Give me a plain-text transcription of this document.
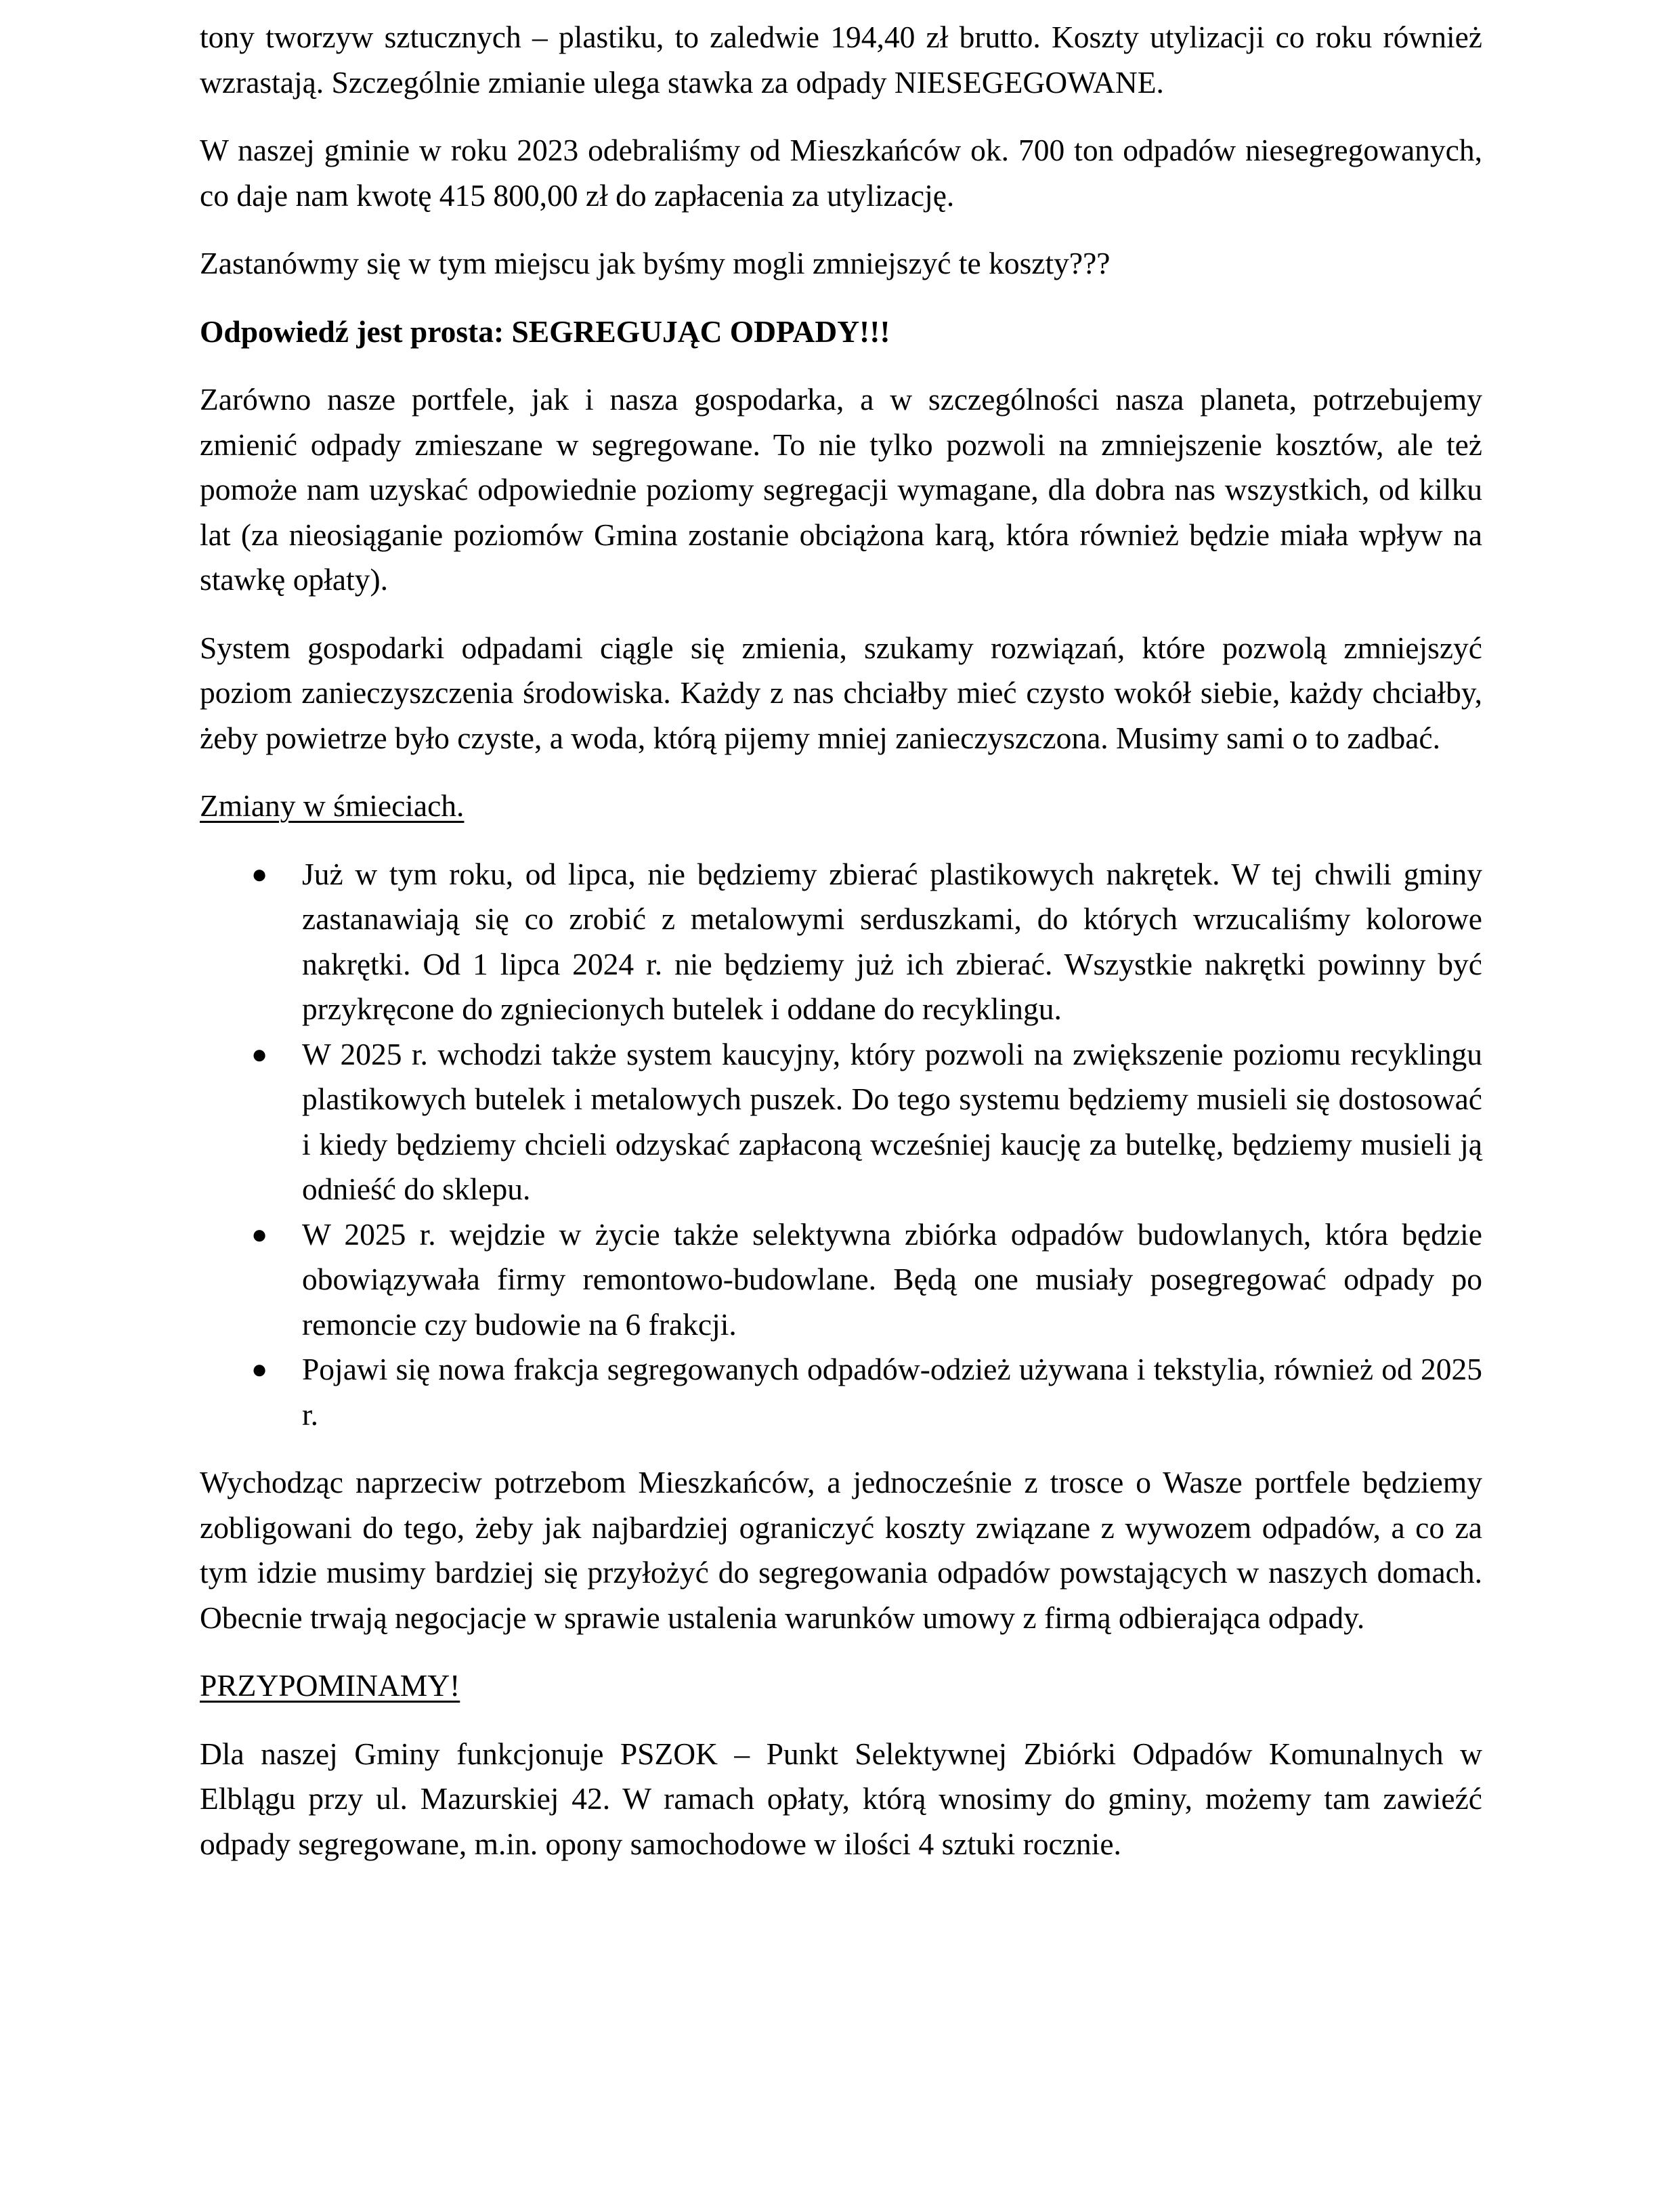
tony tworzyw sztucznych – plastiku, to zaledwie 194,40 zł brutto. Koszty utylizacji co roku również wzrastają. Szczególnie zmianie ulega stawka za odpady NIESEGEGOWANE.

W naszej gminie w roku 2023 odebraliśmy od Mieszkańców ok. 700 ton odpadów niesegregowanych, co daje nam kwotę 415 800,00 zł do zapłacenia za utylizację.

Zastanówmy się w tym miejscu jak byśmy mogli zmniejszyć te koszty???

Odpowiedź jest prosta: SEGREGUJĄC ODPADY!!!

Zarówno nasze portfele, jak i nasza gospodarka, a w szczególności nasza planeta, potrzebujemy zmienić odpady zmieszane w segregowane. To nie tylko pozwoli na zmniejszenie kosztów, ale też pomoże nam uzyskać odpowiednie poziomy segregacji wymagane, dla dobra nas wszystkich, od kilku lat (za nieosiąganie poziomów Gmina zostanie obciążona karą, która również będzie miała wpływ na stawkę opłaty).

System gospodarki odpadami ciągle się zmienia, szukamy rozwiązań, które pozwolą zmniejszyć poziom zanieczyszczenia środowiska. Każdy z nas chciałby mieć czysto wokół siebie, każdy chciałby, żeby powietrze było czyste, a woda, którą pijemy mniej zanieczyszczona. Musimy sami o to zadbać.

Zmiany w śmieciach.

● Już w tym roku, od lipca, nie będziemy zbierać plastikowych nakrętek. W tej chwili gminy zastanawiają się co zrobić z metalowymi serduszkami, do których wrzucaliśmy kolorowe nakrętki. Od 1 lipca 2024 r. nie będziemy już ich zbierać. Wszystkie nakrętki powinny być przykręcone do zgniecionych butelek i oddane do recyklingu.
● W 2025 r. wchodzi także system kaucyjny, który pozwoli na zwiększenie poziomu recyklingu plastikowych butelek i metalowych puszek. Do tego systemu będziemy musieli się dostosować i kiedy będziemy chcieli odzyskać zapłaconą wcześniej kaucję za butelkę, będziemy musieli ją odnieść do sklepu.
● W 2025 r. wejdzie w życie także selektywna zbiórka odpadów budowlanych, która będzie obowiązywała firmy remontowo-budowlane. Będą one musiały posegregować odpady po remoncie czy budowie na 6 frakcji.
● Pojawi się nowa frakcja segregowanych odpadów-odzież używana i tekstylia, również od 2025 r.

Wychodząc naprzeciw potrzebom Mieszkańców, a jednocześnie z trosce o Wasze portfele będziemy zobligowani do tego, żeby jak najbardziej ograniczyć koszty związane z wywozem odpadów, a co za tym idzie musimy bardziej się przyłożyć do segregowania odpadów powstających w naszych domach. Obecnie trwają negocjacje w sprawie ustalenia warunków umowy z firmą odbierająca odpady.

PRZYPOMINAMY!

Dla naszej Gminy funkcjonuje PSZOK – Punkt Selektywnej Zbiórki Odpadów Komunalnych w Elblągu przy ul. Mazurskiej 42. W ramach opłaty, którą wnosimy do gminy, możemy tam zawieźć odpady segregowane, m.in. opony samochodowe w ilości 4 sztuki rocznie.
